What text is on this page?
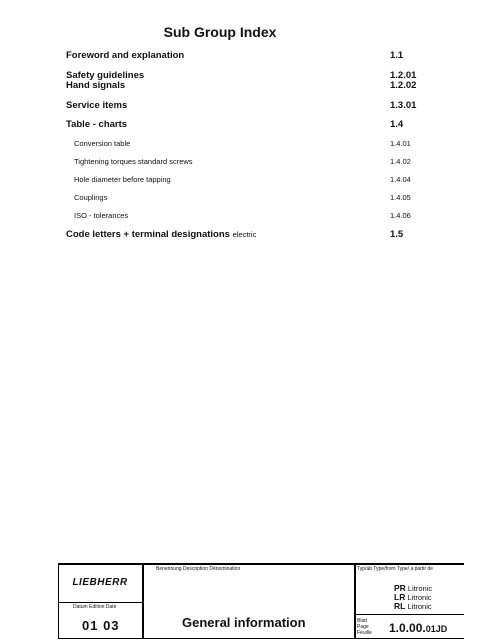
Sub Group Index
Foreword and explanation	1.1
Safety guidelines	1.2.01
Hand signals	1.2.02
Service items	1.3.01
Table - charts	1.4
Conversion table	1.4.01
Tightening torques standard screws	1.4.02
Hole diameter before tapping	1.4.04
Couplings	1.4.05
ISO - tolerances	1.4.06
Code letters + terminal designations electric	1.5
LIEBHERR
Datum Edition Date
01 03
Benennung Description Dénomination
General information
Typ/ab Type/from Type/ a partir de
PR Litronic
LR Litronic
RL Litronic
Blatt
Page
Feuille 1.0.00.01JD
